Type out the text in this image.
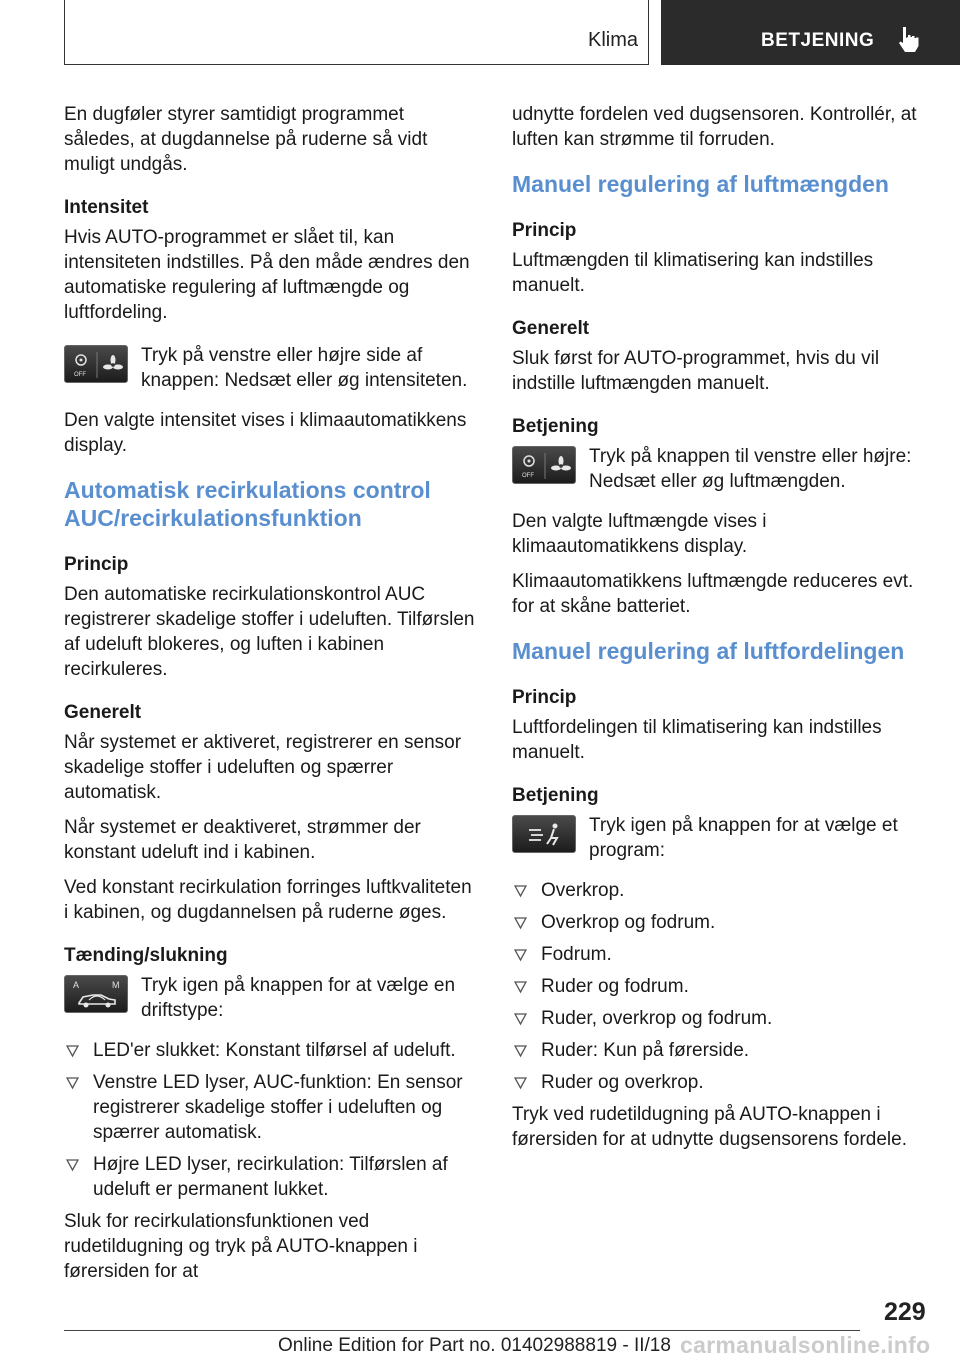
Klima	BETJENING

En dugføler styrer samtidigt programmet således, at dugdannelse på ruderne så vidt muligt undgås.

Intensitet

Hvis AUTO-programmet er slået til, kan intensiteten indstilles. På den måde ændres den automatiske regulering af luftmængde og luftfordeling.

OFF
Tryk på venstre eller højre side af knappen: Nedsæt eller øg intensiteten.

Den valgte intensitet vises i klimaautomatikkens display.

Automatisk recirkulations control AUC/recirkulationsfunktion
Princip

Den automatiske recirkulationskontrol AUC registrerer skadelige stoffer i udeluften. Tilførslen af udeluft blokeres, og luften i kabinen recirkuleres.

Generelt

Når systemet er aktiveret, registrerer en sensor skadelige stoffer i udeluften og spærrer automatisk.

Når systemet er deaktiveret, strømmer der konstant udeluft ind i kabinen.

Ved konstant recirkulation forringes luftkvaliteten i kabinen, og dugdannelsen på ruderne øges.

Tænding/slukning
A	M Tryk igen på knappen for at vælge en driftstype:
LED'er slukket: Konstant tilførsel af udeluft.
Venstre LED lyser, AUC-funktion: En sensor registrerer skadelige stoffer i udeluften og spærrer automatisk.
Højre LED lyser, recirkulation: Tilførslen af udeluft er permanent lukket.

Sluk for recirkulationsfunktionen ved rudetildugning og tryk på AUTO-knappen i førersiden for at

udnytte fordelen ved dugsensoren. Kontrollér, at luften kan strømme til forruden.

Manuel regulering af luftmængden
Princip

Luftmængden til klimatisering kan indstilles manuelt.

Generelt

Sluk først for AUTO-programmet, hvis du vil indstille luftmængden manuelt.

Betjening
OFF
Tryk på knappen til venstre eller højre: Nedsæt eller øg luftmængden.

Den valgte luftmængde vises i klimaautomatikkens display.

Klimaautomatikkens luftmængde reduceres evt. for at skåne batteriet.

Manuel regulering af luftfordelingen
Princip

Luftfordelingen til klimatisering kan indstilles manuelt.

Betjening
Tryk igen på knappen for at vælge et program:
Overkrop.
Overkrop og fodrum.
Fodrum.
Ruder og fodrum.
Ruder, overkrop og fodrum.
Ruder: Kun på førerside.
Ruder og overkrop.

Tryk ved rudetildugning på AUTO-knappen i førersiden for at udnytte dugsensorens fordele.

229
Online Edition for Part no. 01402988819 - II/18 carmanualsonline.info
